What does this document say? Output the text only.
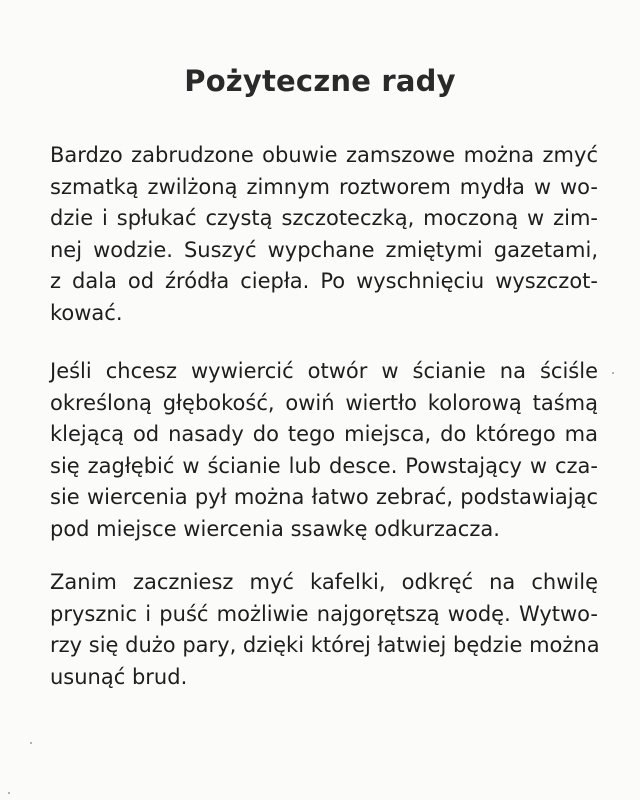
Pożyteczne rady
Bardzo zabrudzone obuwie zamszowe można zmyć
szmatką zwilżoną zimnym roztworem mydła w wo-
dzie i spłukać czystą szczoteczką, moczoną w zim-
nej wodzie. Suszyć wypchane zmiętymi gazetami,
z dala od źródła ciepła. Po wyschnięciu wyszczot-
kować.
Jeśli chcesz wywiercić otwór w ścianie na ściśle
określoną głębokość, owiń wiertło kolorową taśmą
klejącą od nasady do tego miejsca, do którego ma
się zagłębić w ścianie lub desce. Powstający w cza-
sie wiercenia pył można łatwo zebrać, podstawiając
pod miejsce wiercenia ssawkę odkurzacza.
Zanim zaczniesz myć kafelki, odkręć na chwilę
prysznic i puść możliwie najgorętszą wodę. Wytwo-
rzy się dużo pary, dzięki której łatwiej będzie można
usunąć brud.
